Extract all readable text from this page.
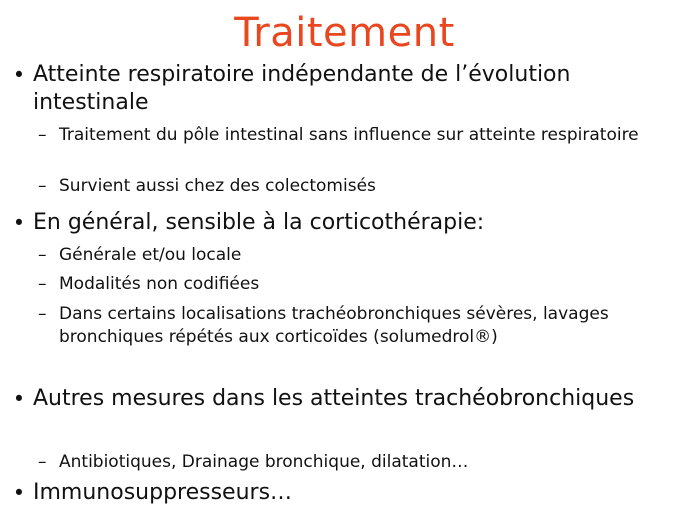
Traitement
• Atteinte respiratoire indépendante de l’évolution intestinale
– Traitement du pôle intestinal sans influence sur atteinte respiratoire
– Survient aussi chez des colectomisés
• En général, sensible à la corticothérapie:
– Générale et/ou locale
– Modalités non codifiées
– Dans certains localisations trachéobronchiques sévères, lavages bronchiques répétés aux corticoïdes (solumedrol®)
• Autres mesures dans les atteintes trachéobronchiques
– Antibiotiques, Drainage bronchique, dilatation…
• Immunosuppresseurs…
